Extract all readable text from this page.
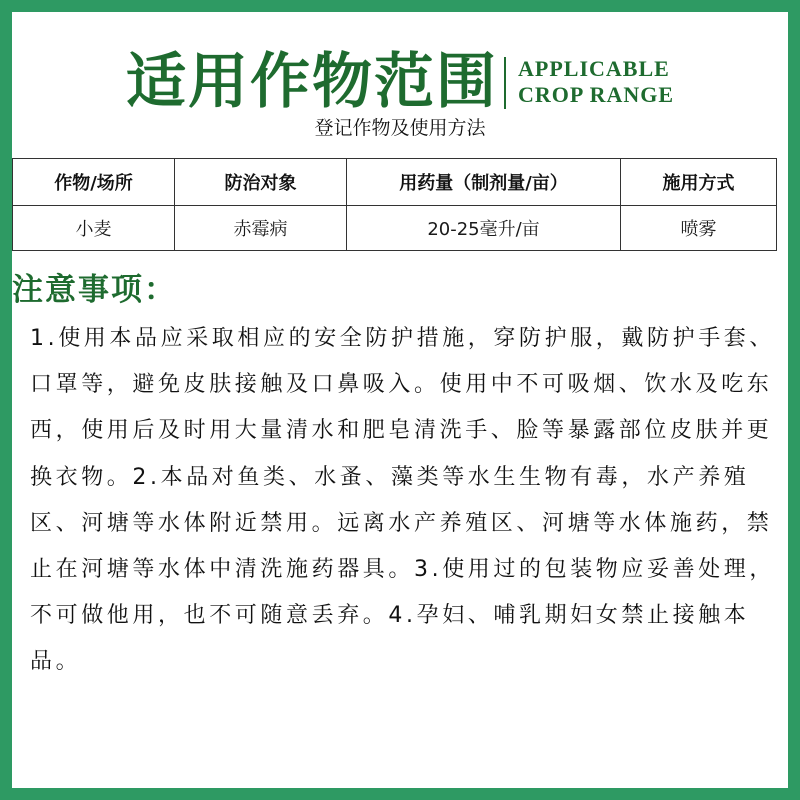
适用作物范围 APPLICABLE
CROP RANGE
登记作物及使用方法
作物/场所	防治对象	用药量（制剂量/亩）	施用方式
小麦	赤霉病	20-25毫升/亩	喷雾
注意事项：
1.使用本品应采取相应的安全防护措施，穿防护服，戴防护手套、口罩等，避免皮肤接触及口鼻吸入。使用中不可吸烟、饮水及吃东西，使用后及时用大量清水和肥皂清洗手、脸等暴露部位皮肤并更换衣物。2.本品对鱼类、水蚤、藻类等水生生物有毒，水产养殖区、河塘等水体附近禁用。远离水产养殖区、河塘等水体施药，禁止在河塘等水体中清洗施药器具。3.使用过的包装物应妥善处理，不可做他用，也不可随意丢弃。4.孕妇、哺乳期妇女禁止接触本品。
